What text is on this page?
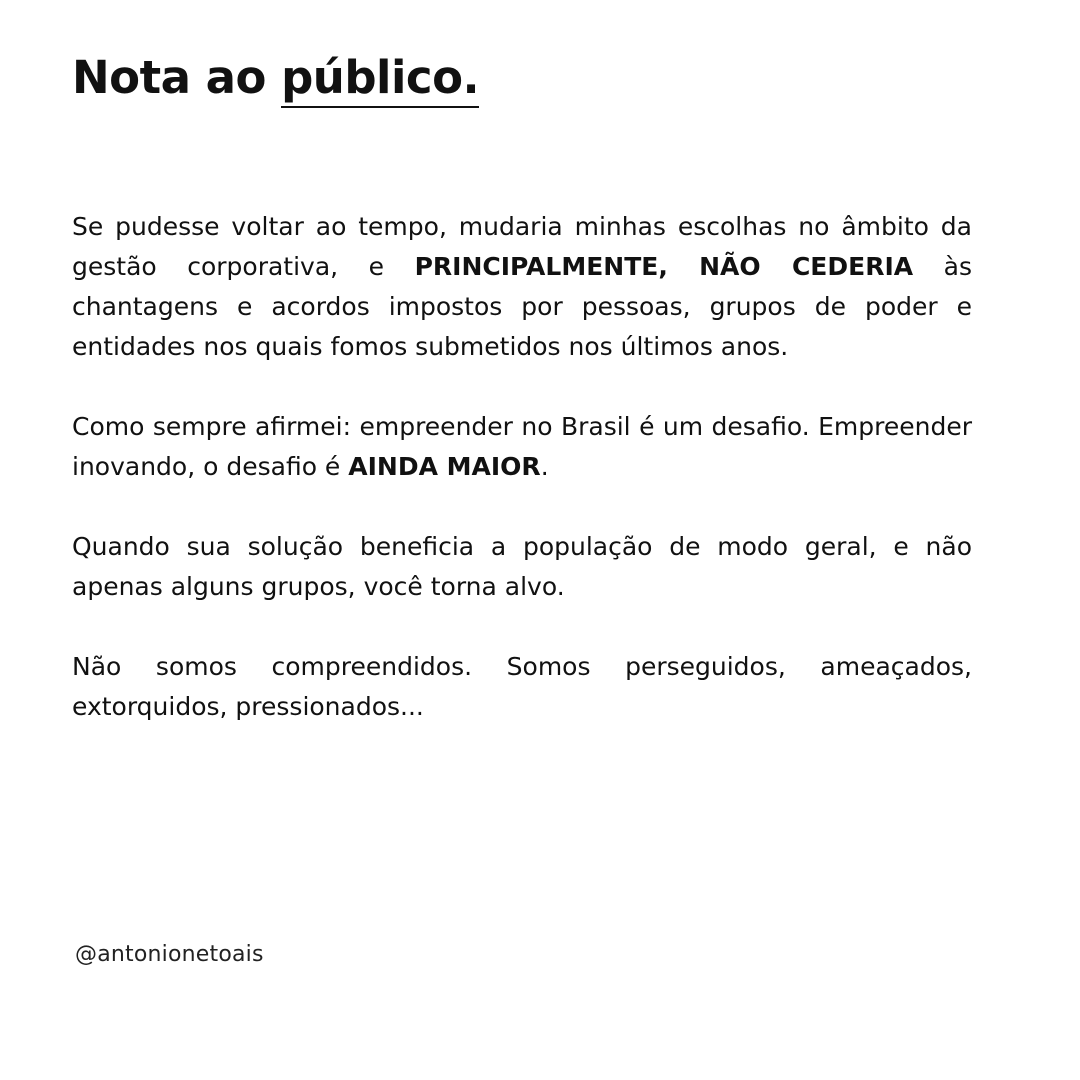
Nota ao público.

Se pudesse voltar ao tempo, mudaria minhas escolhas no âmbito da gestão corporativa, e PRINCIPALMENTE, NÃO CEDERIA às chantagens e acordos impostos por pessoas, grupos de poder e entidades nos quais fomos submetidos nos últimos anos.

Como sempre afirmei: empreender no Brasil é um desafio. Empreender inovando, o desafio é AINDA MAIOR.

Quando sua solução beneficia a população de modo geral, e não apenas alguns grupos, você torna alvo.

Não somos compreendidos. Somos perseguidos, ameaçados, extorquidos, pressionados...

@antonionetoais
